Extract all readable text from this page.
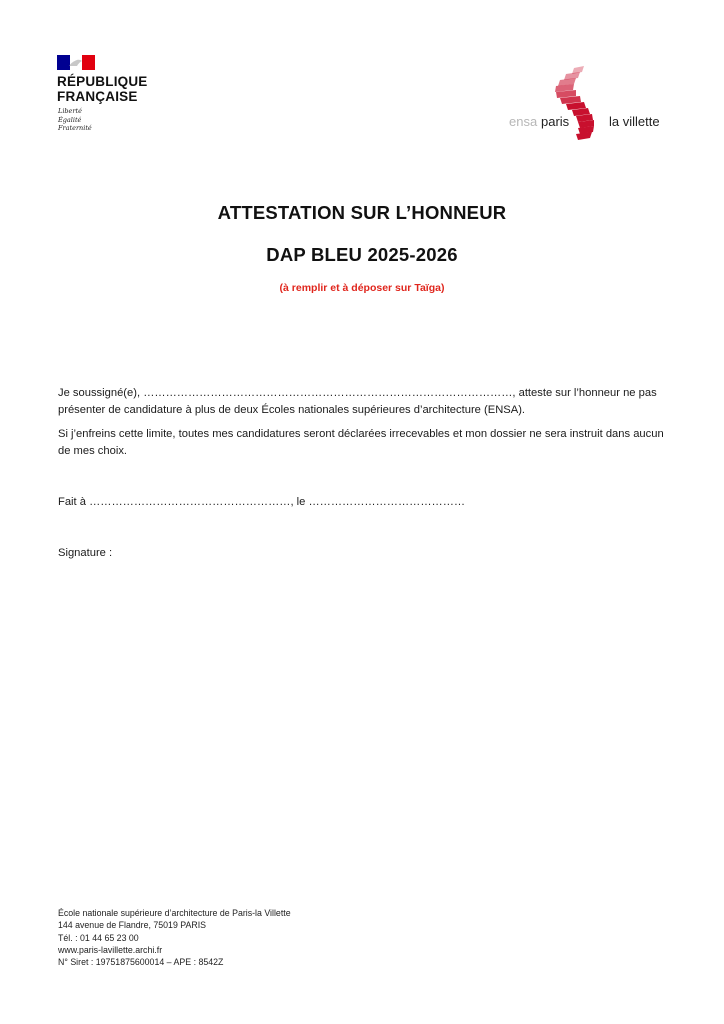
RÉPUBLIQUE
FRANÇAISE
Liberté
Égalité
Fraternité	ensa paris	la villette
ATTESTATION SUR L’HONNEUR
DAP BLEU 2025-2026
(à remplir et à déposer sur Taïga)
Je soussigné(e), ………………………………………………………………………………………, atteste sur l’honneur ne pas présenter de candidature à plus de deux Écoles nationales supérieures d’architecture (ENSA).
Si j’enfreins cette limite, toutes mes candidatures seront déclarées irrecevables et mon dossier ne sera instruit dans aucun de mes choix.
Fait à ………………………………………………, le ……………………………………
Signature :
École nationale supérieure d’architecture de Paris-la Villette
144 avenue de Flandre, 75019 PARIS
Tél. : 01 44 65 23 00
www.paris-lavillette.archi.fr
N° Siret : 19751875600014 – APE : 8542Z
